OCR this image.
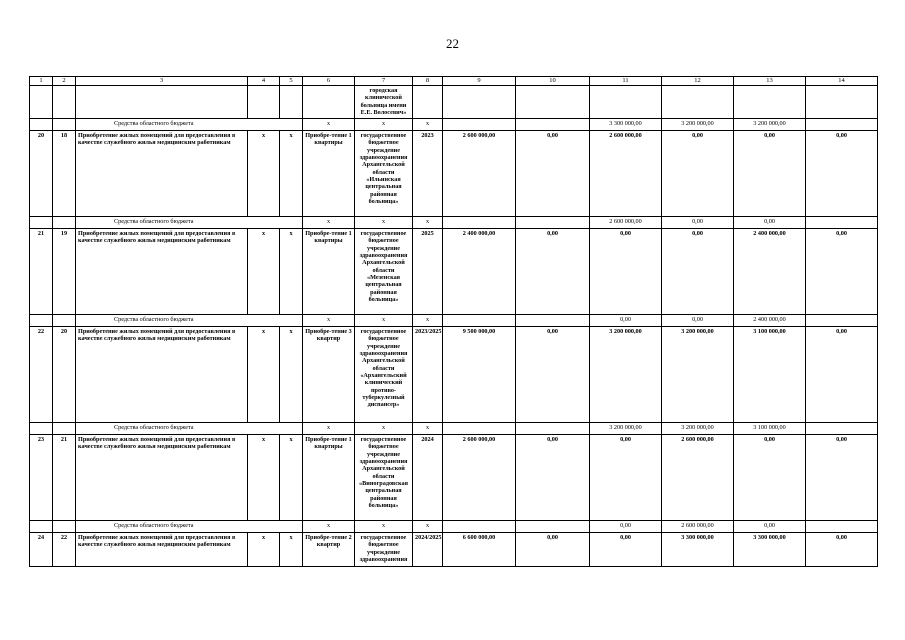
22
1	2	3	4	5	6	7	8	9	10	11	12	13	14
						городская клинической больница имени Е.Е. Волосевич»							
		Средства областного бюджета			х	х	х			3 300 000,00	3 200 000,00	3 200 000,00	
20	18	Приобретение жилых помещений для предоставления в качестве служебного жилья медицинским работникам	х	х	Приобре-тение 1 квартиры	государственное бюджетное учреждение здравоохранения Архангельской области «Ильинская центральная районная больница»	2023	2 600 000,00	0,00	2 600 000,00	0,00	0,00	0,00
		Средства областного бюджета			х	х	х			2 600 000,00	0,00	0,00	
21	19	Приобретение жилых помещений для предоставления в качестве служебного жилья медицинским работникам	х	х	Приобре-тение 1 квартиры	государственное бюджетное учреждение здравоохранения Архангельской области «Мезенская центральная районная больница»	2025	2 400 000,00	0,00	0,00	0,00	2 400 000,00	0,00
		Средства областного бюджета			х	х	х			0,00	0,00	2 400 000,00	
22	20	Приобретение жилых помещений для предоставления в качестве служебного жилья медицинским работникам	х	х	Приобре-тение 3 квартир	государственное бюджетное учреждение здравоохранения Архангельской области «Архангельский клинический противо-туберкулезный диспансер»	2023/2025	9 500 000,00	0,00	3 200 000,00	3 200 000,00	3 100 000,00	0,00
		Средства областного бюджета			х	х	х			3 200 000,00	3 200 000,00	3 100 000,00	
23	21	Приобретение жилых помещений для предоставления в качестве служебного жилья медицинским работникам	х	х	Приобре-тение 1 квартиры	государственное бюджетное учреждение здравоохранения Архангельской области «Виноградовская центральная районная больница»	2024	2 600 000,00	0,00	0,00	2 600 000,00	0,00	0,00
		Средства областного бюджета			х	х	х			0,00	2 600 000,00	0,00	
24	22	Приобретение жилых помещений для предоставления в качестве служебного жилья медицинским работникам	х	х	Приобре-тение 2 квартир	государственное бюджетное учреждение здравоохранения	2024/2025	6 600 000,00	0,00	0,00	3 300 000,00	3 300 000,00	0,00
